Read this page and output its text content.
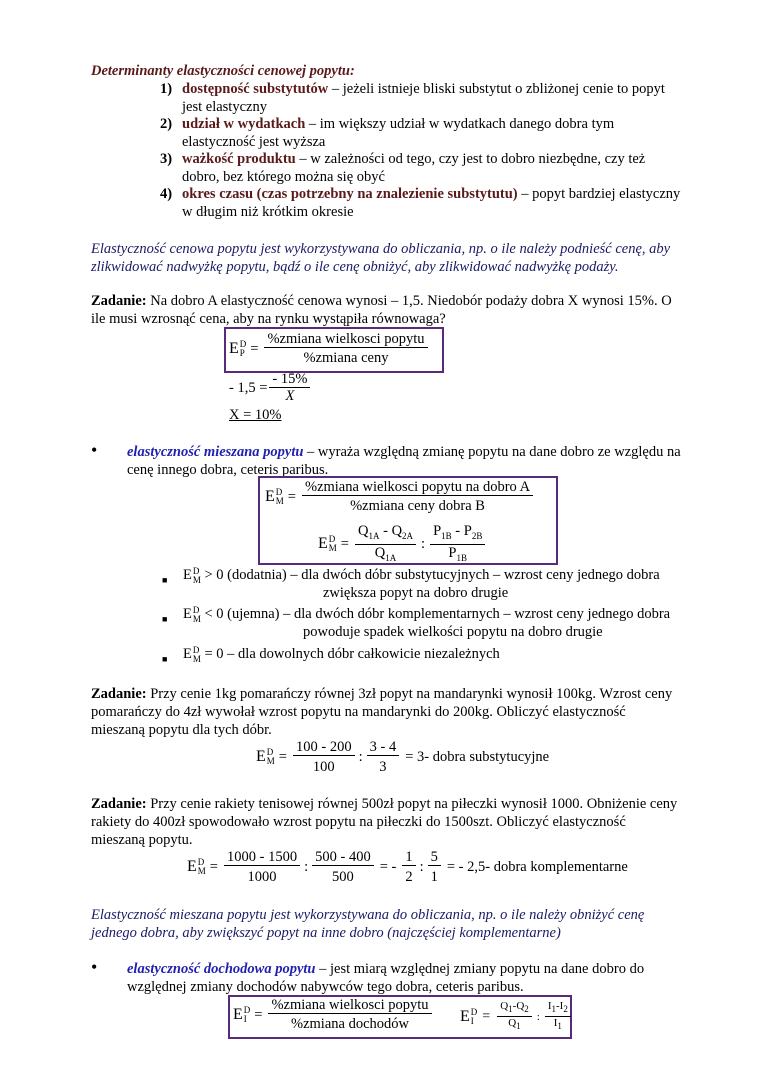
Determinanty elastyczności cenowej popytu:
1) dostępność substytutów – jeżeli istnieje bliski substytut o zbliżonej cenie to popyt
jest elastyczny
2) udział w wydatkach – im większy udział w wydatkach danego dobra tym
elastyczność jest wyższa
3) ważkość produktu – w zależności od tego, czy jest to dobro niezbędne, czy też
dobro, bez którego można się obyć
4) okres czasu (czas potrzebny na znalezienie substytutu) – popyt bardziej elastyczny
w długim niż krótkim okresie
Elastyczność cenowa popytu jest wykorzystywana do obliczania, np. o ile należy podnieść cenę, aby
zlikwidować nadwyżkę popytu, bądź o ile cenę obniżyć, aby zlikwidować nadwyżkę podaży.
Zadanie: Na dobro A elastyczność cenowa wynosi – 1,5. Niedobór podaży dobra X wynosi 15%. O
ile musi wzrosnąć cena, aby na rynku wystąpiła równowaga?
E D
$P = \frac{\text{\%zmiana wielkosci popytu}}{\text{\%zmiana ceny}}$
- $1,5 = \frac{- 15\%}{X}$
X = 10%
• elastyczność mieszana popytu – wyraża względną zmianę popytu na dane dobro ze względu na
cenę innego dobra, ceteris paribus.
E D
$M = \frac{\text{\%zmiana wielkosci popytu na dobro A}}{\text{\%zmiana ceny dobra B}}$
E D
$M = \frac{Q_{1A} - Q_{2A}}{Q_{1A}}$ : $\frac{P_{1B} - P_{2B}}{P_{1B}}$
■ E D
M > 0 (dodatnia) – dla dwóch dóbr substytucyjnych – wzrost ceny jednego dobra
zwiększa popyt na dobro drugie
■ E D
M < 0 (ujemna) – dla dwóch dóbr komplementarnych – wzrost ceny jednego dobra
powoduje spadek wielkości popytu na dobro drugie
■ E D
M = 0 – dla dowolnych dóbr całkowicie niezależnych
Zadanie: Przy cenie 1kg pomarańczy równej 3zł popyt na mandarynki wynosił 100kg. Wzrost ceny
pomarańczy do 4zł wywołał wzrost popytu na mandarynki do 200kg. Obliczyć elastyczność
mieszaną popytu dla tych dóbr.
E D
$M = \frac{100 - 200}{100}$ : $\frac{3 - 4}{3} = 3$ - dobra substytucyjne
Zadanie: Przy cenie rakiety tenisowej równej 500zł popyt na piłeczki wynosił 1000. Obniżenie ceny
rakiety do 400zł spowodowało wzrost popytu na piłeczki do 1500szt. Obliczyć elastyczność
mieszaną popytu.
E D
$M = \frac{1000 - 1500}{1000}$ : $\frac{500 - 400}{500}$ = - $\frac{1}{2}$ : $\frac{5}{1}$ = - 2,5 - dobra komplementarne
Elastyczność mieszana popytu jest wykorzystywana do obliczania, np. o ile należy obniżyć cenę
jednego dobra, aby zwiększyć popyt na inne dobro (najczęściej komplementarne)
• elastyczność dochodowa popytu – jest miarą względnej zmiany popytu na dane dobro do
względnej zmiany dochodów nabywców tego dobra, ceteris paribus.
E D
$I = \frac{\text{\%zmiana wielkosci popytu}}{\text{\%zmiana dochodów}}$ E D
$I = \frac{Q_1-Q_2}{Q_1}$ : $\frac{I_1-I_2}{I_1}$
